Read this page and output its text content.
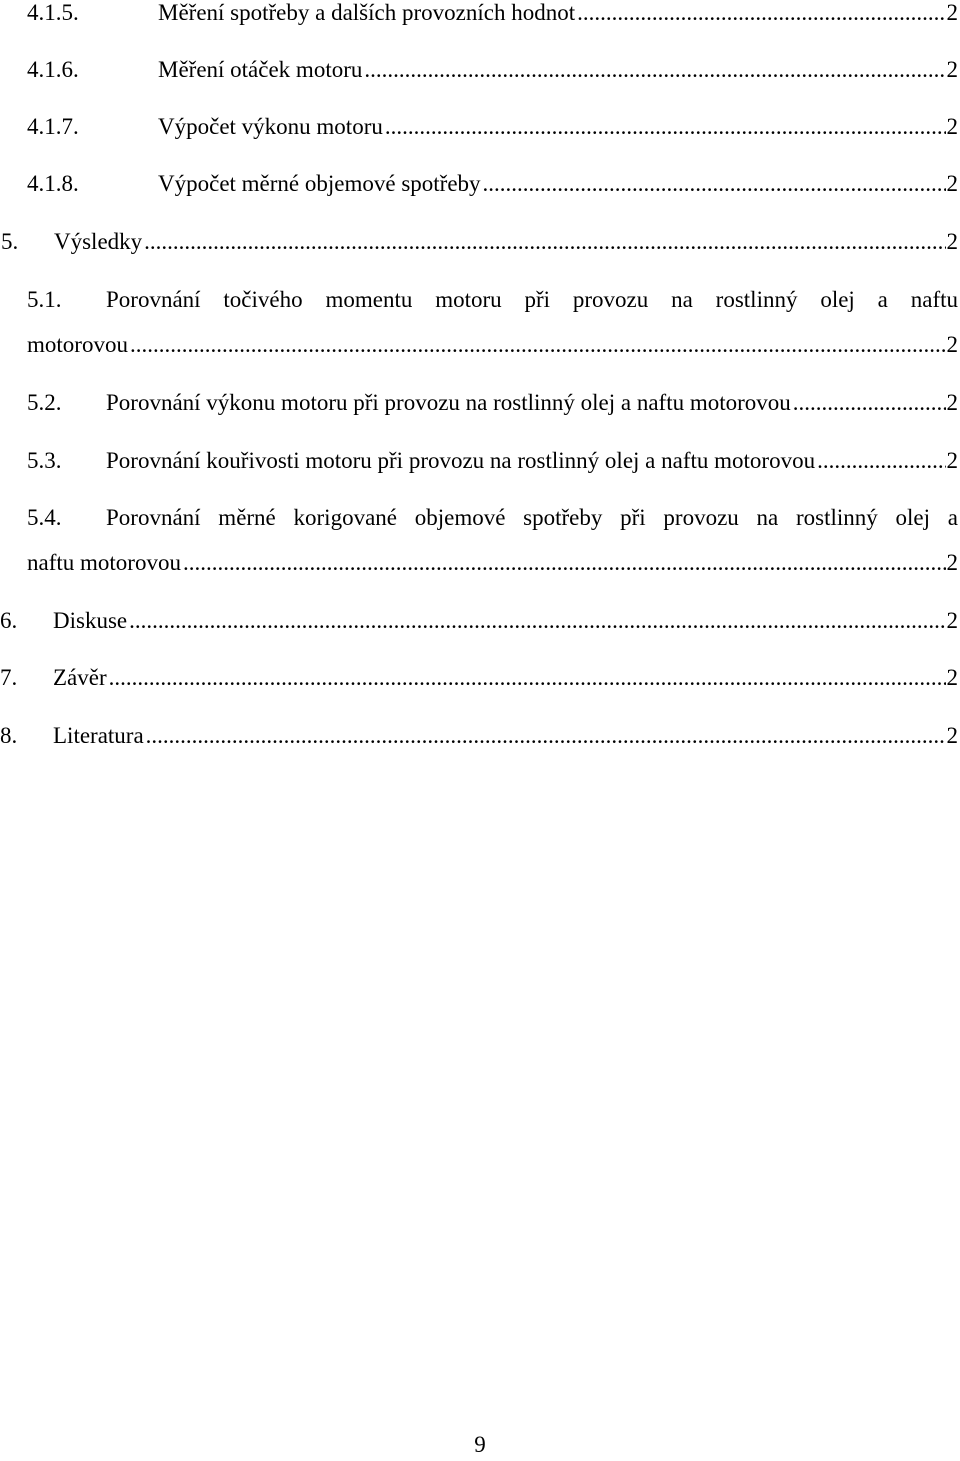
4.1.5.	Měření spotřeby a dalších provozních hodnot .....	2
4.1.6.	Měření otáček motoru .....	2
4.1.7.	Výpočet výkonu motoru .....	2
4.1.8.	Výpočet měrné objemové spotřeby .....	2
5.	Výsledky .....	2
5.1.	Porovnání točivého momentu motoru při provozu na rostlinný olej a naftu
motorovou .....	2
5.2.	Porovnání výkonu motoru při provozu na rostlinný olej a naftu motorovou .....	2
5.3.	Porovnání kouřivosti motoru při provozu na rostlinný olej a naftu motorovou .....	2
5.4.	Porovnání měrné korigované objemové spotřeby při provozu na rostlinný olej a
naftu motorovou .....	2
6.	Diskuse .....	2
7.	Závěr .....	2
8.	Literatura .....	2
9
